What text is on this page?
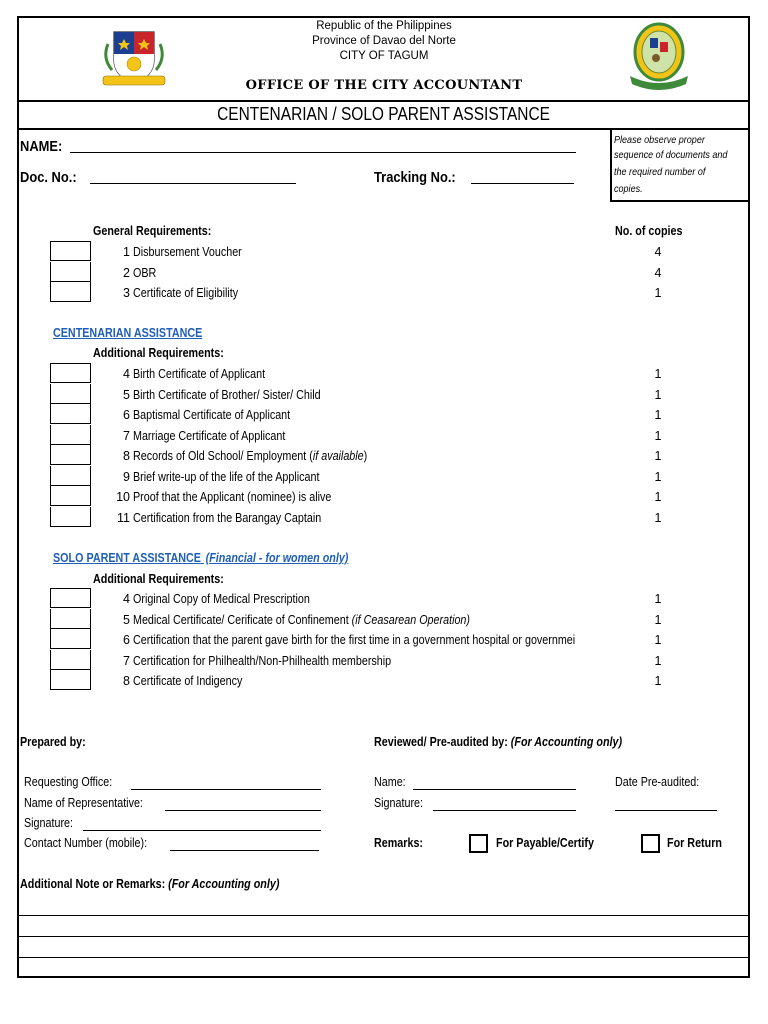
Republic of the Philippines
Province of Davao del Norte
CITY OF TAGUM
OFFICE OF THE CITY ACCOUNTANT
CENTENARIAN / SOLO PARENT ASSISTANCE
NAME:
Doc. No.:	Tracking No.:
Please observe proper

sequence of documents and
the required number of
copies.
General Requirements:	No. of copies
1 Disbursement Voucher	4
2 OBR	4
3 Certificate of Eligibility	1
CENTENARIAN ASSISTANCE
Additional Requirements:
4 Birth Certificate of Applicant	1
5 Birth Certificate of Brother/ Sister/ Child	1
6 Baptismal Certificate of Applicant	1
7 Marriage Certificate of Applicant	1
8 Records of Old School/ Employment (if available)	1
9 Brief write-up of the life of the Applicant	1
10 Proof that the Applicant (nominee) is alive	1
11 Certification from the Barangay Captain	1
SOLO PARENT ASSISTANCE (Financial - for women only)
Additional Requirements:
4 Original Copy of Medical Prescription	1
5 Medical Certificate/ Cerificate of Confinement (if Ceasarean Operation)	1
6 Certification that the parent gave birth for the first time in a government hospital or governmei	1
7 Certification for Philhealth/Non-Philhealth membership	1
8 Certificate of Indigency	1
Prepared by:	Reviewed/ Pre-audited by: (For Accounting only)
Requesting Office:
Name of Representative:
Signature:
Contact Number (mobile):
Name:
Signature:
Date Pre-audited:
Remarks:	For Payable/Certify	For Return
Additional Note or Remarks: (For Accounting only)
